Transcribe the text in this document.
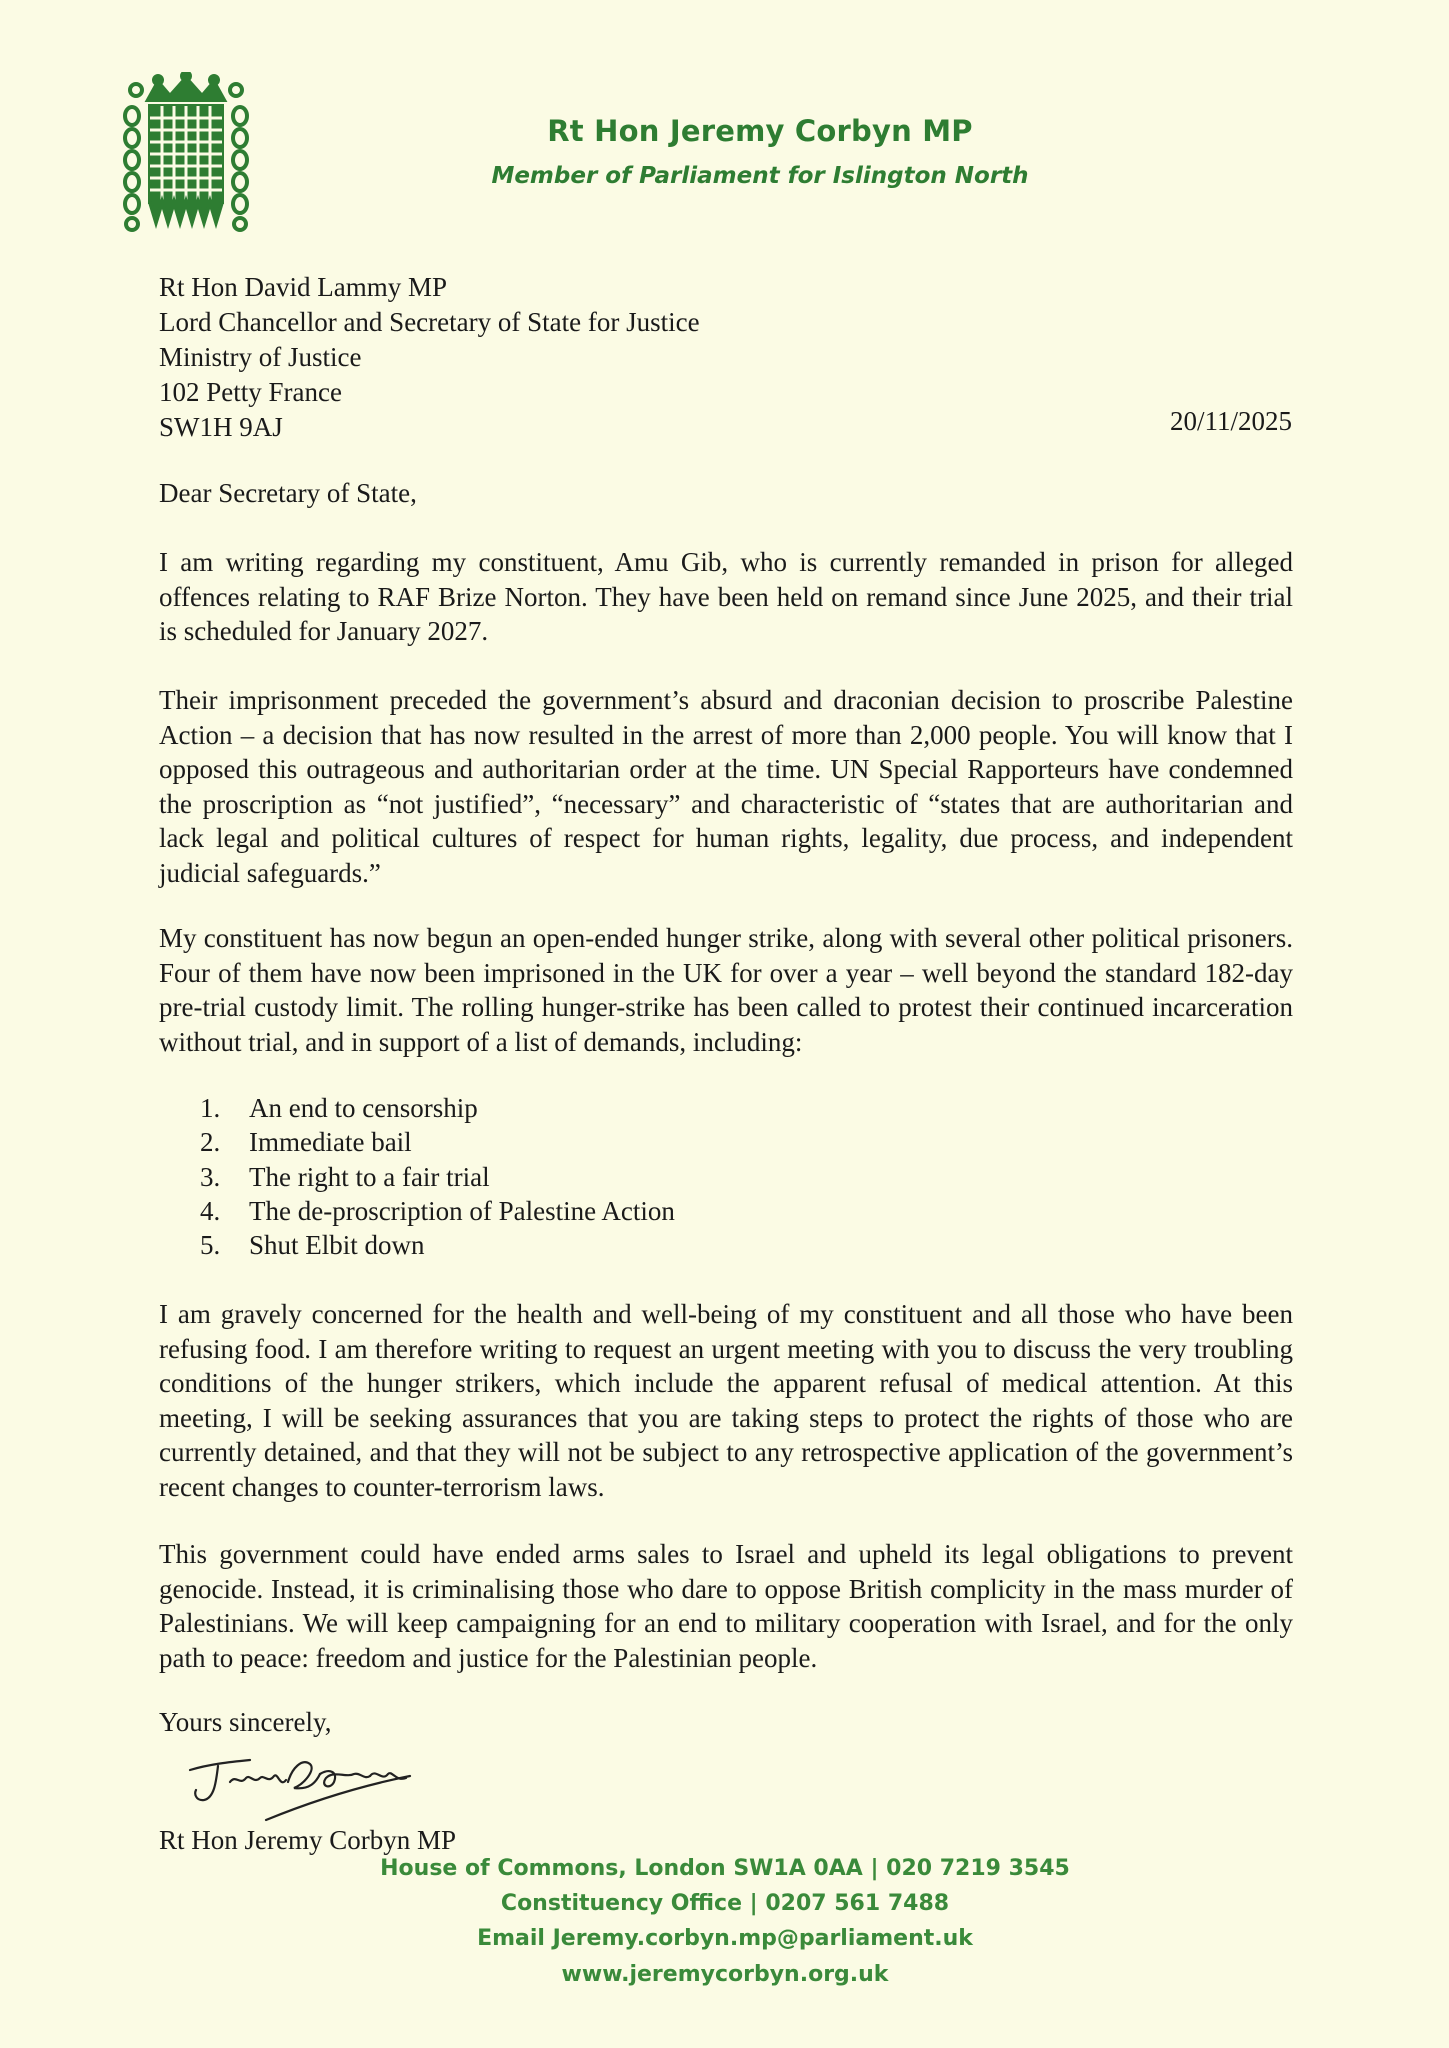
Rt Hon Jeremy Corbyn MP
Member of Parliament for Islington North
Rt Hon David Lammy MP
Lord Chancellor and Secretary of State for Justice
Ministry of Justice
102 Petty France
SW1H 9AJ	20/11/2025
Dear Secretary of State,
I am writing regarding my constituent, Amu Gib, who is currently remanded in prison for alleged offences relating to RAF Brize Norton. They have been held on remand since June 2025, and their trial is scheduled for January 2027.
Their imprisonment preceded the government’s absurd and draconian decision to proscribe Palestine Action – a decision that has now resulted in the arrest of more than 2,000 people. You will know that I opposed this outrageous and authoritarian order at the time. UN Special Rapporteurs have condemned the proscription as “not justified”, “necessary” and characteristic of “states that are authoritarian and lack legal and political cultures of respect for human rights, legality, due process, and independent judicial safeguards.”
My constituent has now begun an open-ended hunger strike, along with several other political prisoners. Four of them have now been imprisoned in the UK for over a year – well beyond the standard 182-day pre-trial custody limit. The rolling hunger-strike has been called to protest their continued incarceration without trial, and in support of a list of demands, including:
1.	An end to censorship
2.	Immediate bail
3.	The right to a fair trial
4.	The de-proscription of Palestine Action
5.	Shut Elbit down
I am gravely concerned for the health and well-being of my constituent and all those who have been refusing food. I am therefore writing to request an urgent meeting with you to discuss the very troubling conditions of the hunger strikers, which include the apparent refusal of medical attention. At this meeting, I will be seeking assurances that you are taking steps to protect the rights of those who are currently detained, and that they will not be subject to any retrospective application of the government’s recent changes to counter-terrorism laws.
This government could have ended arms sales to Israel and upheld its legal obligations to prevent genocide. Instead, it is criminalising those who dare to oppose British complicity in the mass murder of Palestinians. We will keep campaigning for an end to military cooperation with Israel, and for the only path to peace: freedom and justice for the Palestinian people.
Yours sincerely,
Rt Hon Jeremy Corbyn MP
House of Commons, London SW1A 0AA | 020 7219 3545
Constituency Office | 0207 561 7488
Email Jeremy.corbyn.mp@parliament.uk
www.jeremycorbyn.org.uk
